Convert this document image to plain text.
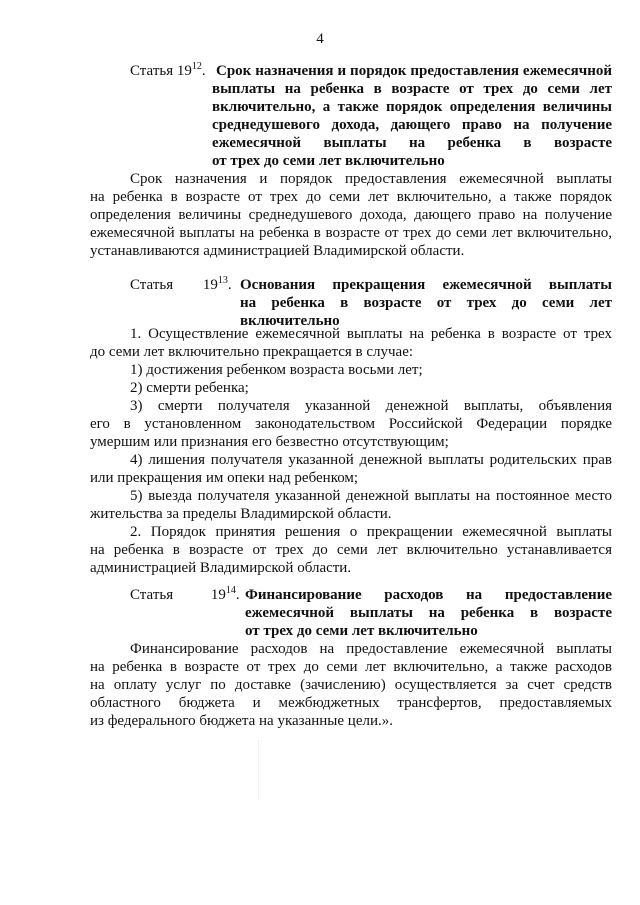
4
Статья $19^{12}$. Срок назначения и порядок предоставления ежемесячной
выплаты на ребенка в возрасте от трех до семи лет
включительно, а также порядок определения величины
среднедушевого дохода, дающего право на получение
ежемесячной выплаты на ребенка в возрасте
от трех до семи лет включительно
Срок назначения и порядок предоставления ежемесячной выплаты
на ребенка в возрасте от трех до семи лет включительно, а также порядок
определения величины среднедушевого дохода, дающего право на получение
ежемесячной выплаты на ребенка в возрасте от трех до семи лет включительно,
устанавливаются администрацией Владимирской области.
Статья $19^{13}$. Основания прекращения ежемесячной выплаты
на ребенка в возрасте от трех до семи лет
включительно
1. Осуществление ежемесячной выплаты на ребенка в возрасте от трех
до семи лет включительно прекращается в случае:
1) достижения ребенком возраста восьми лет;
2) смерти ребенка;
3) смерти получателя указанной денежной выплаты, объявления
его в установленном законодательством Российской Федерации порядке
умершим или признания его безвестно отсутствующим;
4) лишения получателя указанной денежной выплаты родительских прав
или прекращения им опеки над ребенком;
5) выезда получателя указанной денежной выплаты на постоянное место
жительства за пределы Владимирской области.
2. Порядок принятия решения о прекращении ежемесячной выплаты
на ребенка в возрасте от трех до семи лет включительно устанавливается
администрацией Владимирской области.
Статья $19^{14}$. Финансирование расходов на предоставление
ежемесячной выплаты на ребенка в возрасте
от трех до семи лет включительно
Финансирование расходов на предоставление ежемесячной выплаты
на ребенка в возрасте от трех до семи лет включительно, а также расходов
на оплату услуг по доставке (зачислению) осуществляется за счет средств
областного бюджета и межбюджетных трансфертов, предоставляемых
из федерального бюджета на указанные цели.».
